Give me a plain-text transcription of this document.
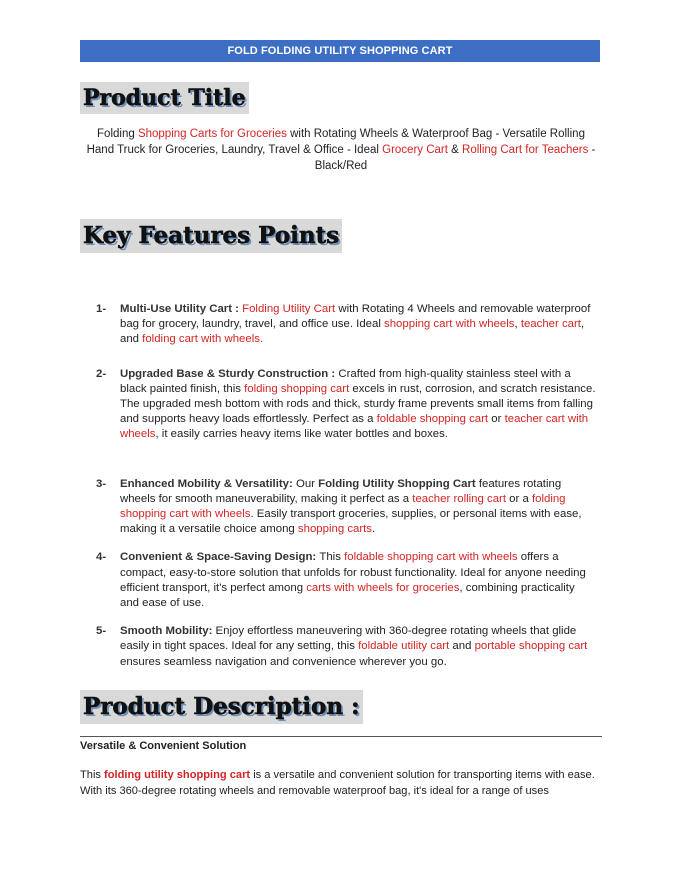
FOLD FOLDING UTILITY SHOPPING CART
Product Title
Folding Shopping Carts for Groceries with Rotating Wheels & Waterproof Bag - Versatile Rolling Hand Truck for Groceries, Laundry, Travel & Office - Ideal Grocery Cart & Rolling Cart for Teachers - Black/Red
Key Features Points
1- Multi-Use Utility Cart : Folding Utility Cart with Rotating 4 Wheels and removable waterproof bag for grocery, laundry, travel, and office use. Ideal shopping cart with wheels, teacher cart, and folding cart with wheels.
2- Upgraded Base & Sturdy Construction : Crafted from high-quality stainless steel with a black painted finish, this folding shopping cart excels in rust, corrosion, and scratch resistance. The upgraded mesh bottom with rods and thick, sturdy frame prevents small items from falling and supports heavy loads effortlessly. Perfect as a foldable shopping cart or teacher cart with wheels, it easily carries heavy items like water bottles and boxes.
3- Enhanced Mobility & Versatility: Our Folding Utility Shopping Cart features rotating wheels for smooth maneuverability, making it perfect as a teacher rolling cart or a folding shopping cart with wheels. Easily transport groceries, supplies, or personal items with ease, making it a versatile choice among shopping carts.
4- Convenient & Space-Saving Design: This foldable shopping cart with wheels offers a compact, easy-to-store solution that unfolds for robust functionality. Ideal for anyone needing efficient transport, it's perfect among carts with wheels for groceries, combining practicality and ease of use.
5- Smooth Mobility: Enjoy effortless maneuvering with 360-degree rotating wheels that glide easily in tight spaces. Ideal for any setting, this foldable utility cart and portable shopping cart ensures seamless navigation and convenience wherever you go.
Product Description :
Versatile & Convenient Solution

This folding utility shopping cart is a versatile and convenient solution for transporting items with ease. With its 360-degree rotating wheels and removable waterproof bag, it's ideal for a range of uses
